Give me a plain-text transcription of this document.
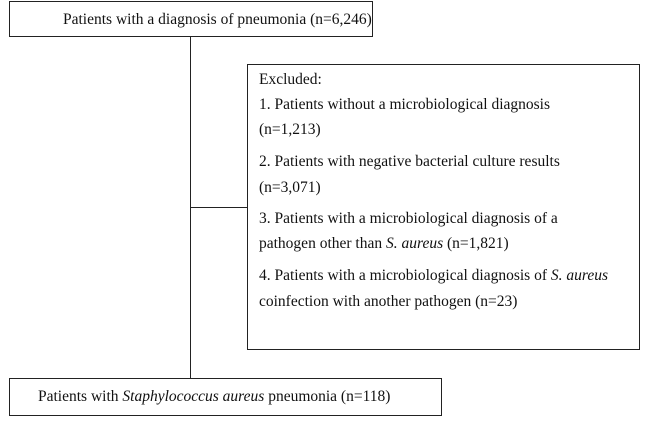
Patients with a diagnosis of pneumonia (n=6,246)
Excluded:
1. Patients without a microbiological diagnosis
(n=1,213)
2. Patients with negative bacterial culture results
(n=3,071)
3. Patients with a microbiological diagnosis of a
pathogen other than S. aureus (n=1,821)
4. Patients with a microbiological diagnosis of S. aureus
coinfection with another pathogen (n=23)
Patients with Staphylococcus aureus pneumonia (n=118)
